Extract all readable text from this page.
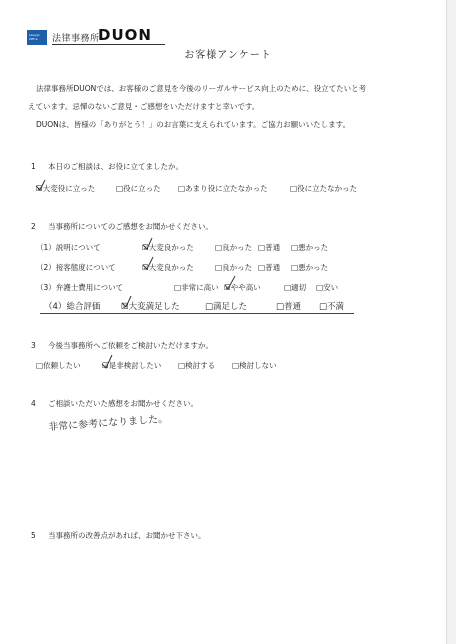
Lawyer Office	法律事務所
DUON
お客様アンケート
法律事務所DUONでは、お客様のご意見を今後のリーガルサービス向上のために、役立てたいと考
えています。忌憚のないご意見・ご感想をいただけますと幸いです。
DUONは、皆様の「ありがとう！」のお言葉に支えられています。ご協力お願いいたします。
1 本日のご相談は、お役に立てましたか。
☑大変役に立った	□役に立った □あまり役に立たなかった	□役に立たなかった
2 当事務所についてのご感想をお聞かせください。
（1）説明について	☑大変良かった	□良かった □普通 □悪かった
（2）接客態度について	☑大変良かった	□良かった □普通 □悪かった
（3）弁護士費用について	□非常に高い ☑やや高い	□適切 □安い
（4）総合評価 ☑大変満足した	□満足した	□普通 □不満
3 今後当事務所へご依頼をご検討いただけますか。
□依頼したい	☑是非検討したい □検討する □検討しない
4 ご相談いただいた感想をお聞かせください。
非常に参考になりました。
5 当事務所の改善点があれば、お聞かせ下さい。
